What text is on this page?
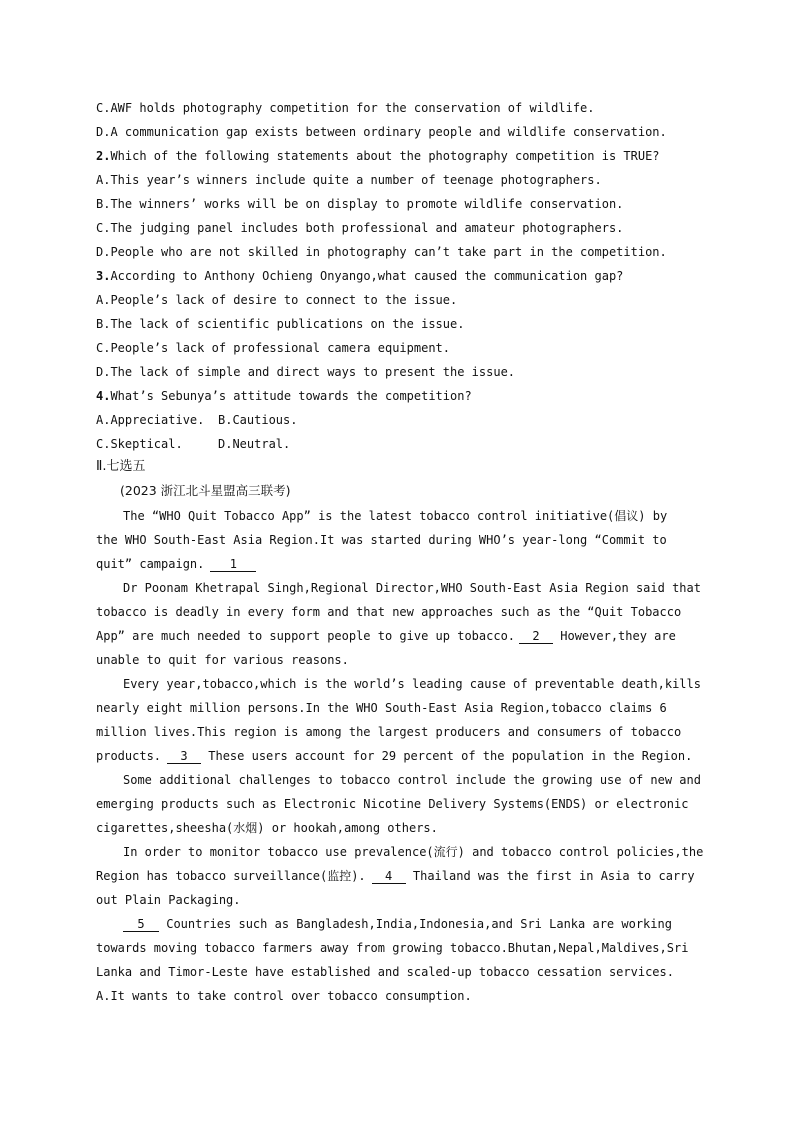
C.AWF holds photography competition for the conservation of wildlife.
D.A communication gap exists between ordinary people and wildlife conservation.
2.Which of the following statements about the photography competition is TRUE?
A.This year’s winners include quite a number of teenage photographers.
B.The winners’ works will be on display to promote wildlife conservation.
C.The judging panel includes both professional and amateur photographers.
D.People who are not skilled in photography can’t take part in the competition.
3.According to Anthony Ochieng Onyango,what caused the communication gap?
A.People’s lack of desire to connect to the issue.
B.The lack of scientific publications on the issue.
C.People’s lack of professional camera equipment.
D.The lack of simple and direct ways to present the issue.
4.What’s Sebunya’s attitude towards the competition?
A.Appreciative. B.Cautious.
C.Skeptical.	D.Neutral.
Ⅱ.七选五
(2023 浙江北斗星盟高三联考)
The “WHO Quit Tobacco App” is the latest tobacco control initiative(倡议) by
the WHO South-East Asia Region.It was started during WHO’s year-long “Commit to
quit” campaign. 1
Dr Poonam Khetrapal Singh,Regional Director,WHO South-East Asia Region said that
tobacco is deadly in every form and that new approaches such as the “Quit Tobacco
App” are much needed to support people to give up tobacco. 2 However,they are
unable to quit for various reasons.
Every year,tobacco,which is the world’s leading cause of preventable death,kills
nearly eight million persons.In the WHO South-East Asia Region,tobacco claims 6
million lives.This region is among the largest producers and consumers of tobacco
products. 3 These users account for 29 percent of the population in the Region.
Some additional challenges to tobacco control include the growing use of new and
emerging products such as Electronic Nicotine Delivery Systems(ENDS) or electronic
cigarettes,sheesha(水烟) or hookah,among others.
In order to monitor tobacco use prevalence(流行) and tobacco control policies,the
Region has tobacco surveillance(监控). 4 Thailand was the first in Asia to carry
out Plain Packaging.
5 Countries such as Bangladesh,India,Indonesia,and Sri Lanka are working
towards moving tobacco farmers away from growing tobacco.Bhutan,Nepal,Maldives,Sri
Lanka and Timor-Leste have established and scaled-up tobacco cessation services.
A.It wants to take control over tobacco consumption.
